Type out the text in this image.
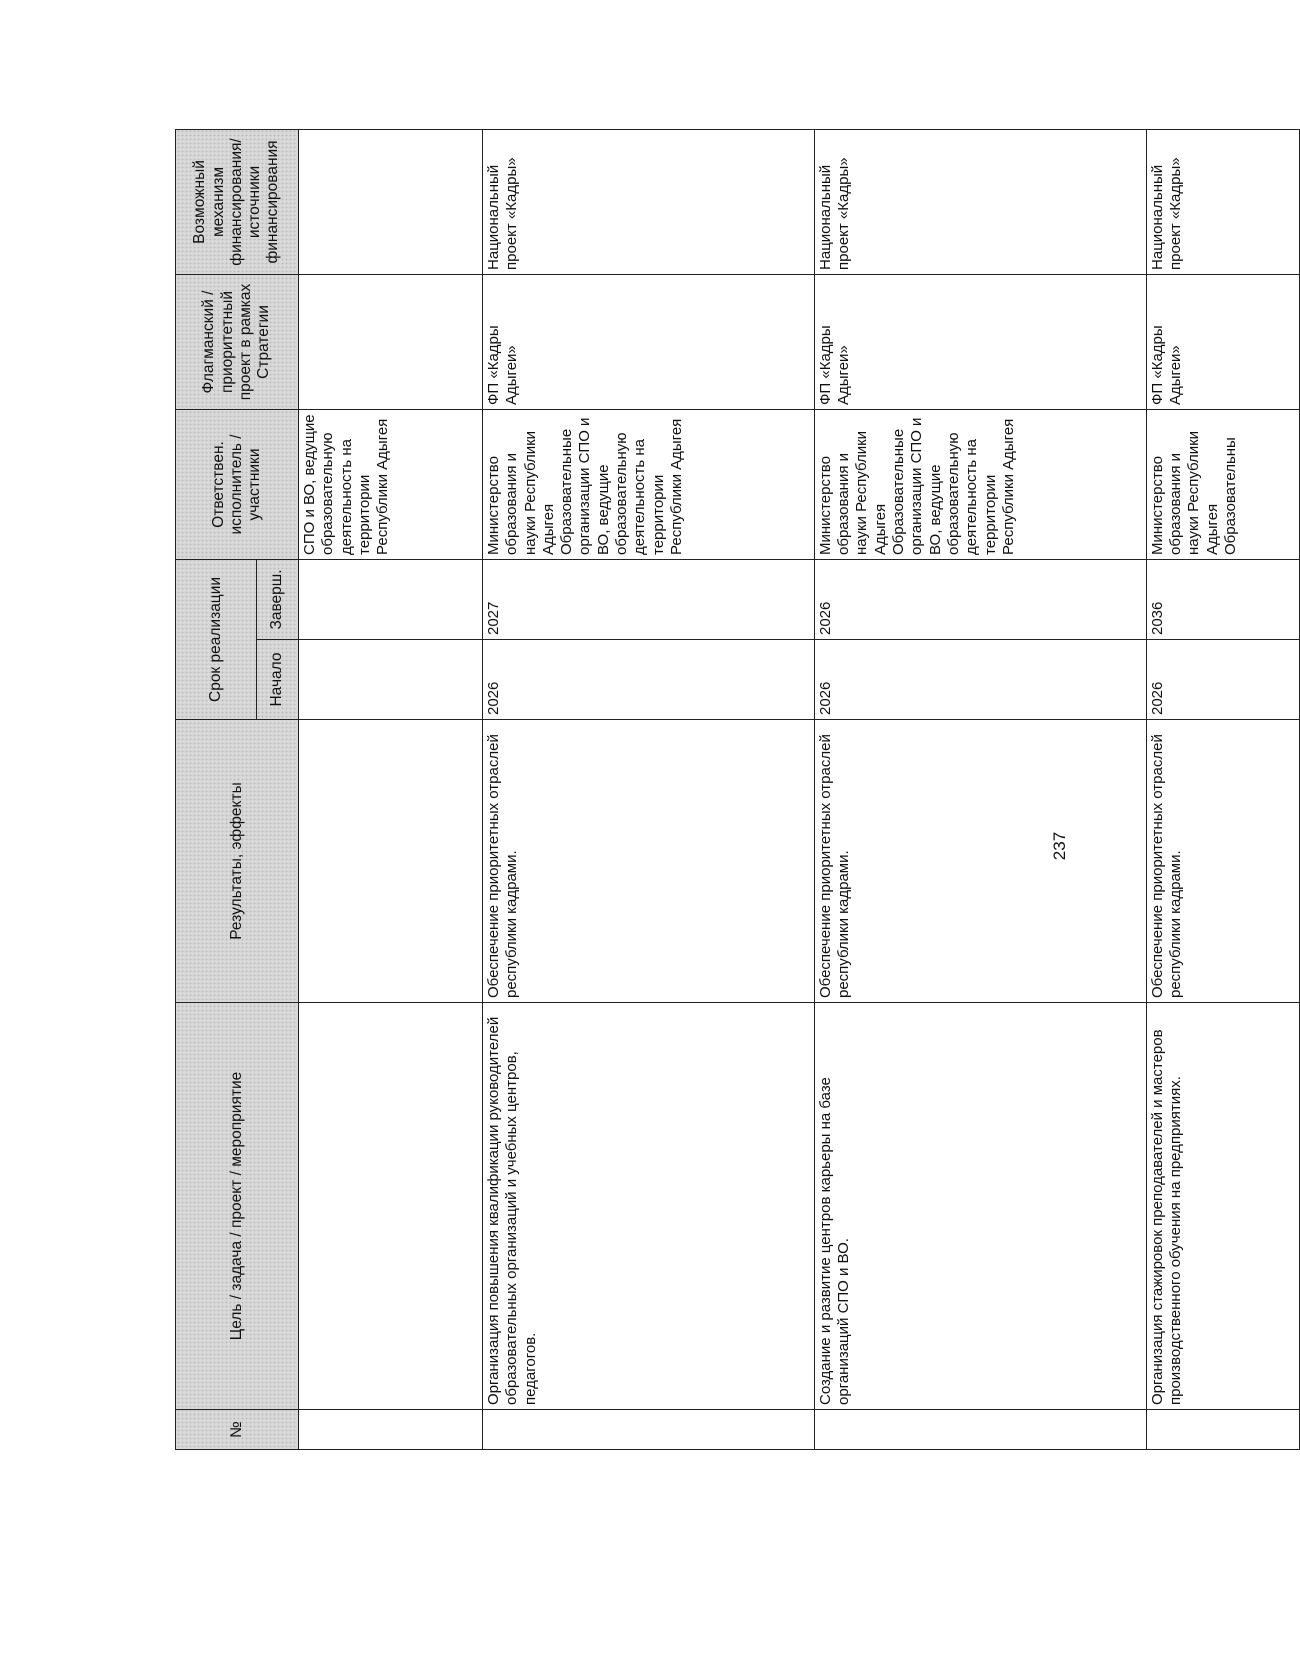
№	Цель / задача / проект / мероприятие	Результаты, эффекты	Срок реализации		Ответствен. исполнитель / участники	Флагманский / приоритетный проект в рамках Стратегии	Возможный механизм финансирования/ источники финансирования
			Начало	Заверш.			
					СПО и ВО, ведущие образовательную деятельность на территории Республики Адыгея		
	Организация повышения квалификации руководителей образовательных организаций и учебных центров, педагогов.	Обеспечение приоритетных отраслей республики кадрами.	2026	2027	Министерство образования и науки Республики Адыгея Образовательные организации СПО и ВО, ведущие образовательную деятельность на территории Республики Адыгея	ФП «Кадры Адыгеи»	Национальный проект «Кадры»
	Создание и развитие центров карьеры на базе организаций СПО и ВО.	Обеспечение приоритетных отраслей республики кадрами.	2026	2026	Министерство образования и науки Республики Адыгея Образовательные организации СПО и ВО, ведущие образовательную деятельность на территории Республики Адыгея	ФП «Кадры Адыгеи»	Национальный проект «Кадры»
	Организация стажировок преподавателей и мастеров производственного обучения на предприятиях.	Обеспечение приоритетных отраслей республики кадрами.	2026	2036	Министерство образования и науки Республики Адыгея Образовательны	ФП «Кадры Адыгеи»	Национальный проект «Кадры»
237
